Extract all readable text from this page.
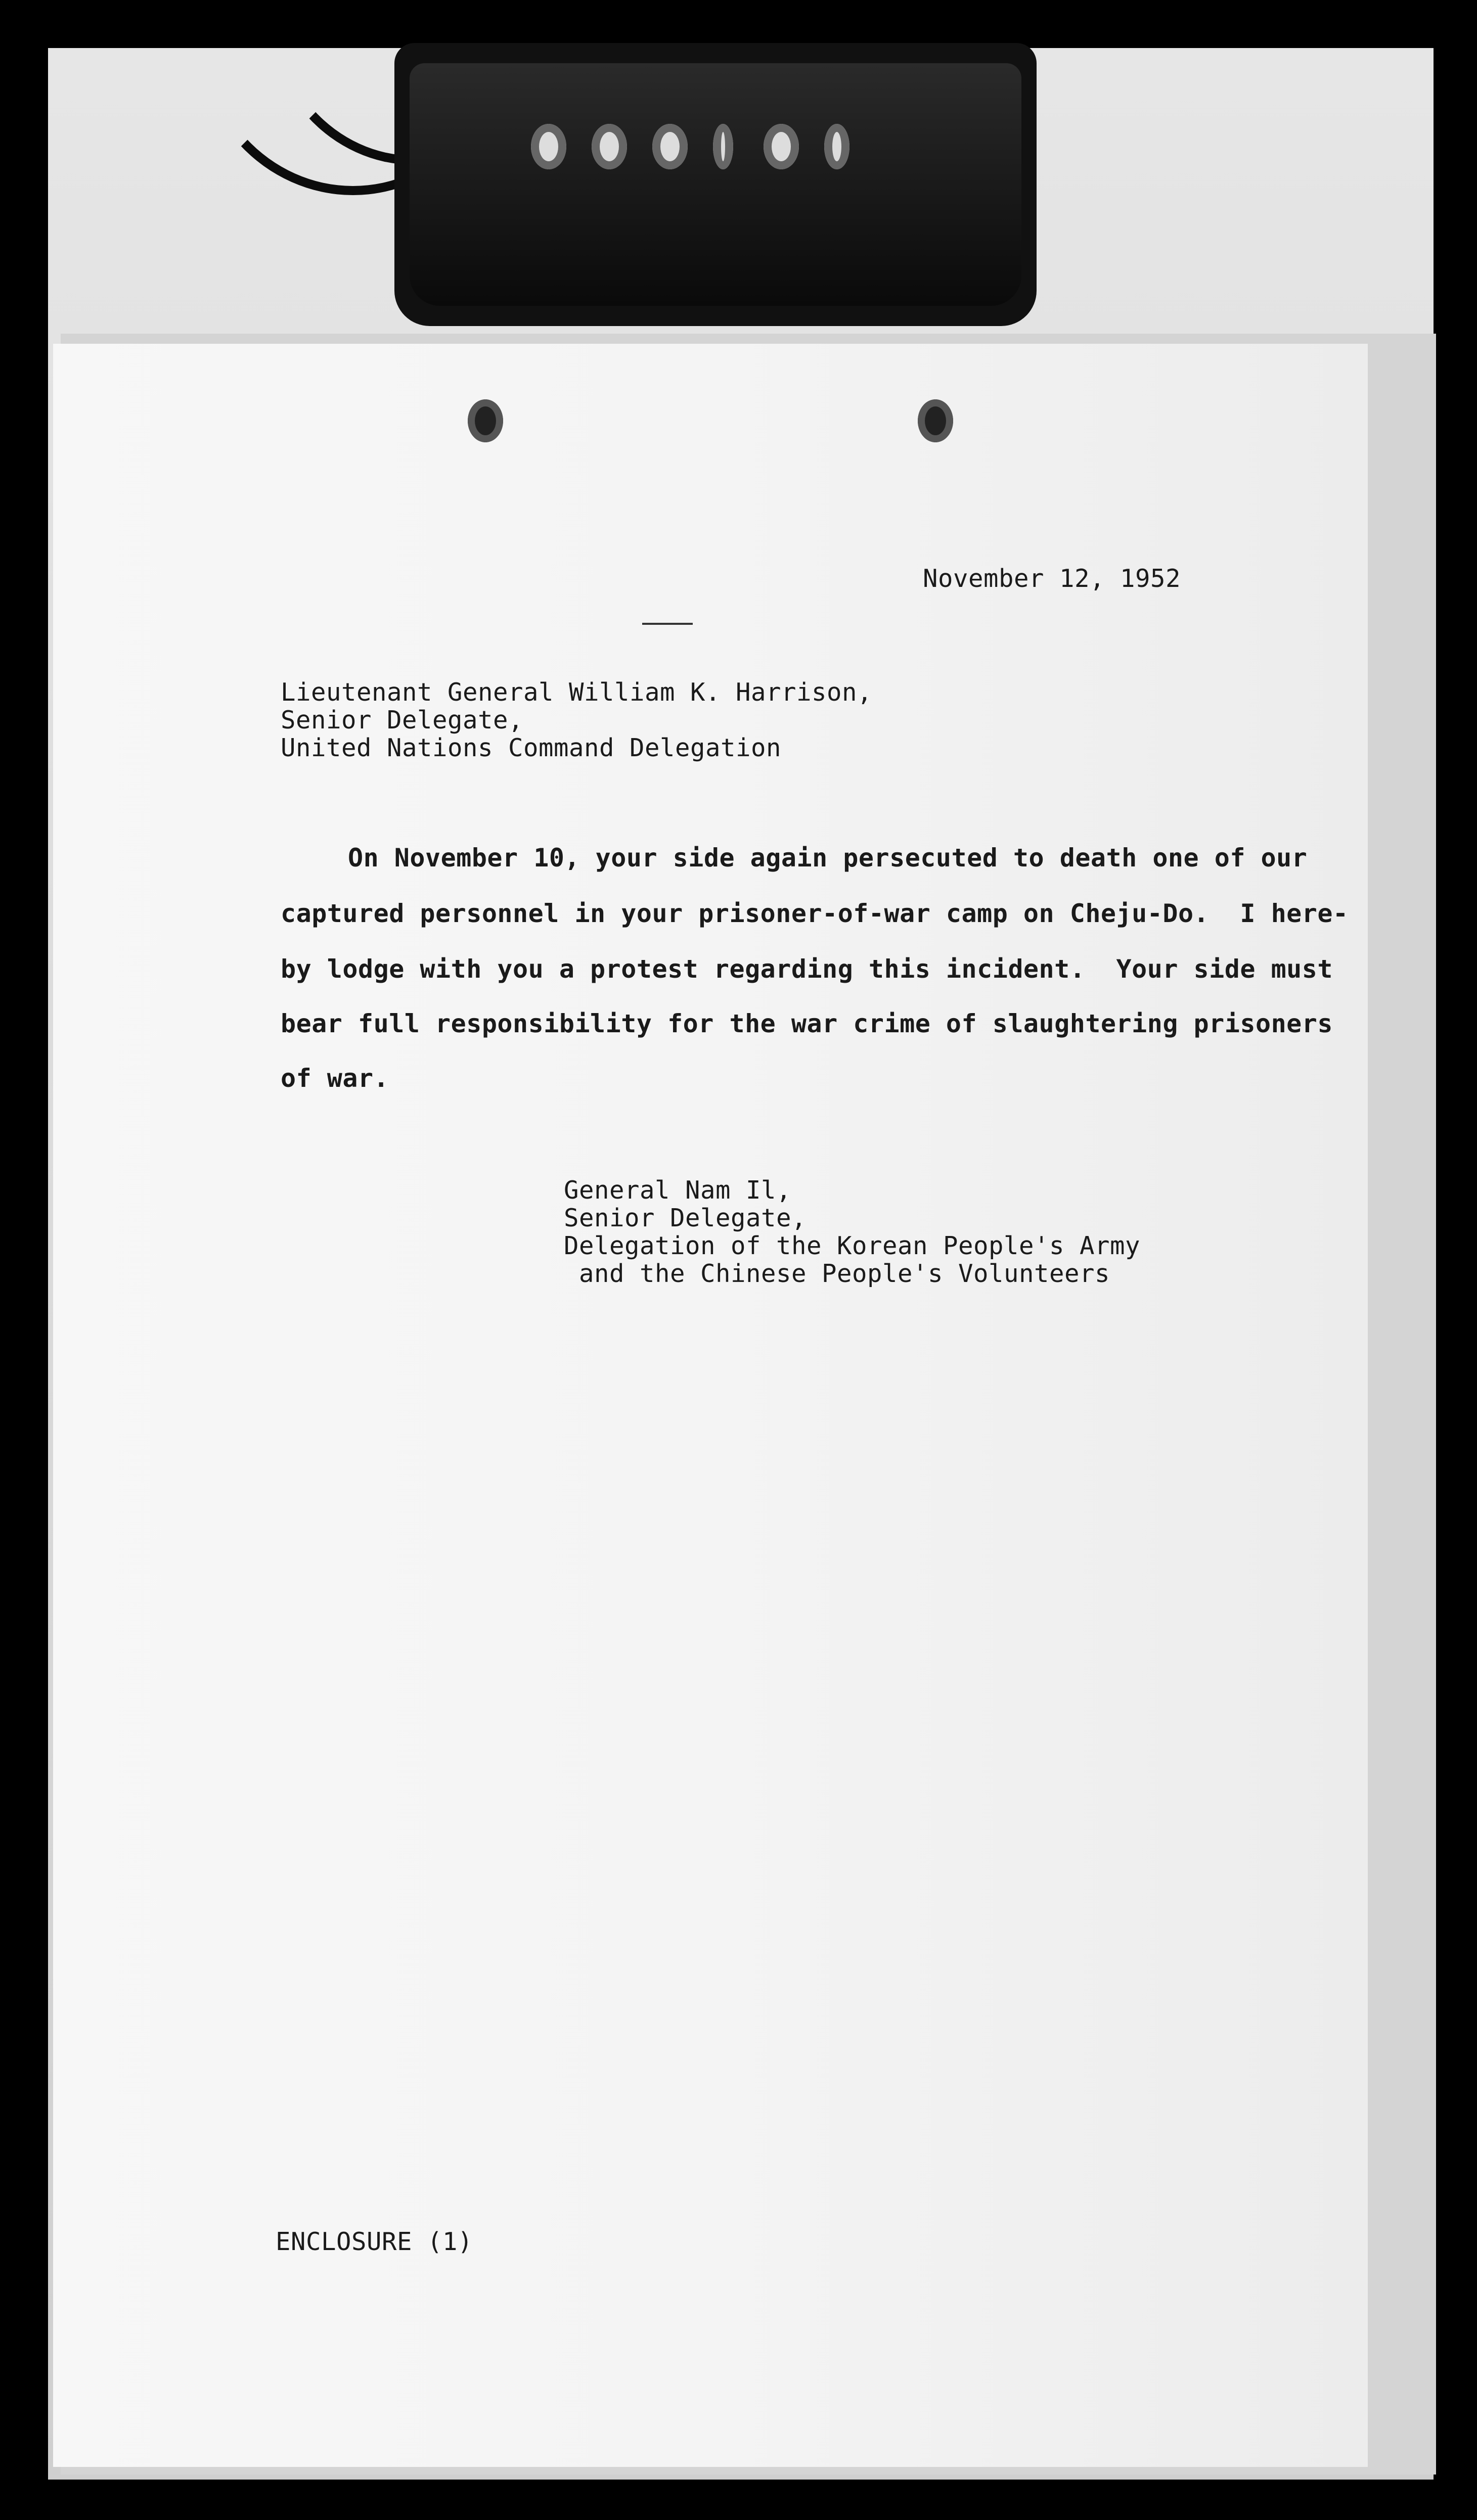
November 12, 1952
Lieutenant General William K. Harrison,
Senior Delegate,
United Nations Command Delegation
On November 10, your side again persecuted to death one of our
captured personnel in your prisoner-of-war camp on Cheju-Do.  I here-
by lodge with you a protest regarding this incident.  Your side must
bear full responsibility for the war crime of slaughtering prisoners
of war.
General Nam Il,
Senior Delegate,
Delegation of the Korean People's Army
and the Chinese People's Volunteers
ENCLOSURE (1)
